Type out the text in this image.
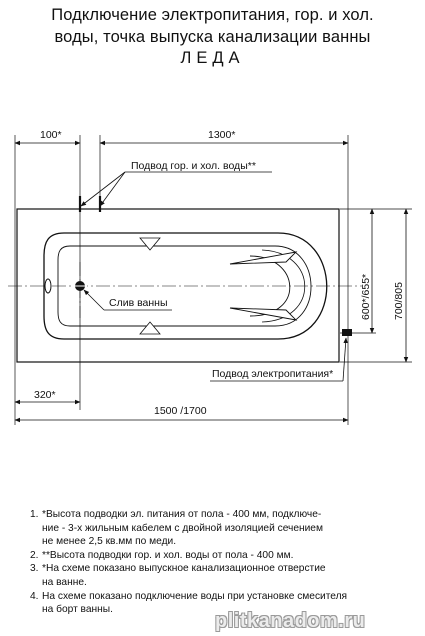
Подключение электропитания, гор. и хол.
воды, точка выпуска канализации ванны
ЛЕДА
100*	1300*
320*
1500 /1700
600*/655* 700/805
Подвод гор. и хол. воды**
Слив ванны
Подвод электропитания*
1. *Высота подводки эл. питания от пола - 400 мм, подключе-
ние - 3-х жильным кабелем с двойной изоляцией сечением
не менее 2,5 кв.мм по меди.
2. **Высота подводки гор. и хол. воды от пола - 400 мм.
3. *На схеме показано выпускное канализационное отверстие
на ванне.
4. На схеме показано подключение воды при установке смесителя
на борт ванны.
plitkanadom.ru
